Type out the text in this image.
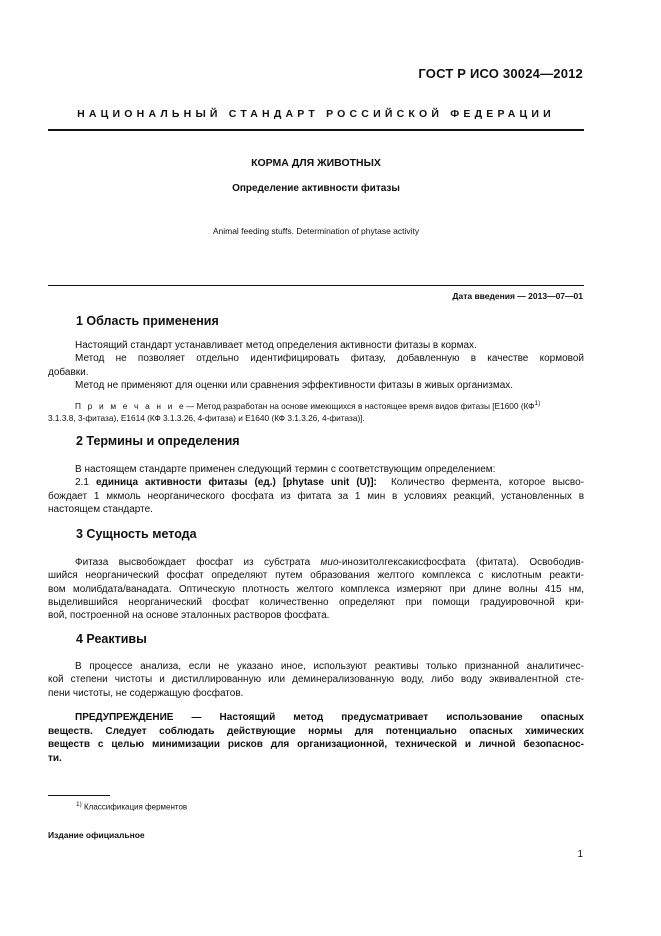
ГОСТ Р ИСО 30024—2012
НАЦИОНАЛЬНЫЙ СТАНДАРТ РОССИЙСКОЙ ФЕДЕРАЦИИ
КОРМА ДЛЯ ЖИВОТНЫХ
Определение активности фитазы
Animal feeding stuffs. Determination of phytase activity
Дата введения — 2013—07—01
1 Область применения
Настоящий стандарт устанавливает метод определения активности фитазы в кормах.
Метод не позволяет отдельно идентифицировать фитазу, добавленную в качестве кормовой
добавки.
Метод не применяют для оценки или сравнения эффективности фитазы в живых организмах.
П р и м е ч а н и е— Метод разработан на основе имеющихся в настоящее время видов фитазы [Е1600 (КФ$^{1)}$
3.1.3.8, 3-фитаза), Е1614 (КФ 3.1.3.26, 4-фитаза) и Е1640 (КФ 3.1.3.26, 4-фитаза)].
2 Термины и определения
В настоящем стандарте применен следующий термин с соответствующим определением:
2.1 единица активности фитазы (ед.) [phytase unit (U)]: Количество фермента, которое высво-
бождает 1 мкмоль неорганического фосфата из фитата за 1 мин в условиях реакций, установленных в
настоящем стандарте.
3 Сущность метода
Фитаза высвобождает фосфат из субстрата мио-инозитолгексакисфосфата (фитата). Освободив-
шийся неорганический фосфат определяют путем образования желтого комплекса с кислотным реакти-
вом молибдата/ванадата. Оптическую плотность желтого комплекса измеряют при длине волны 415 нм,
выделившийся неорганический фосфат количественно определяют при помощи градуировочной кри-
вой, построенной на основе эталонных растворов фосфата.
4 Реактивы
В процессе анализа, если не указано иное, используют реактивы только признанной аналитичес-
кой степени чистоты и дистиллированную или деминерализованную воду, либо воду эквивалентной сте-
пени чистоты, не содержащую фосфатов.
ПРЕДУПРЕЖДЕНИЕ — Настоящий метод предусматривает использование опасных
веществ. Следует соблюдать действующие нормы для потенциально опасных химических
веществ с целью минимизации рисков для организационной, технической и личной безопаснос-
ти.
$^{1)}$ Классификация ферментов
Издание официальное
1
